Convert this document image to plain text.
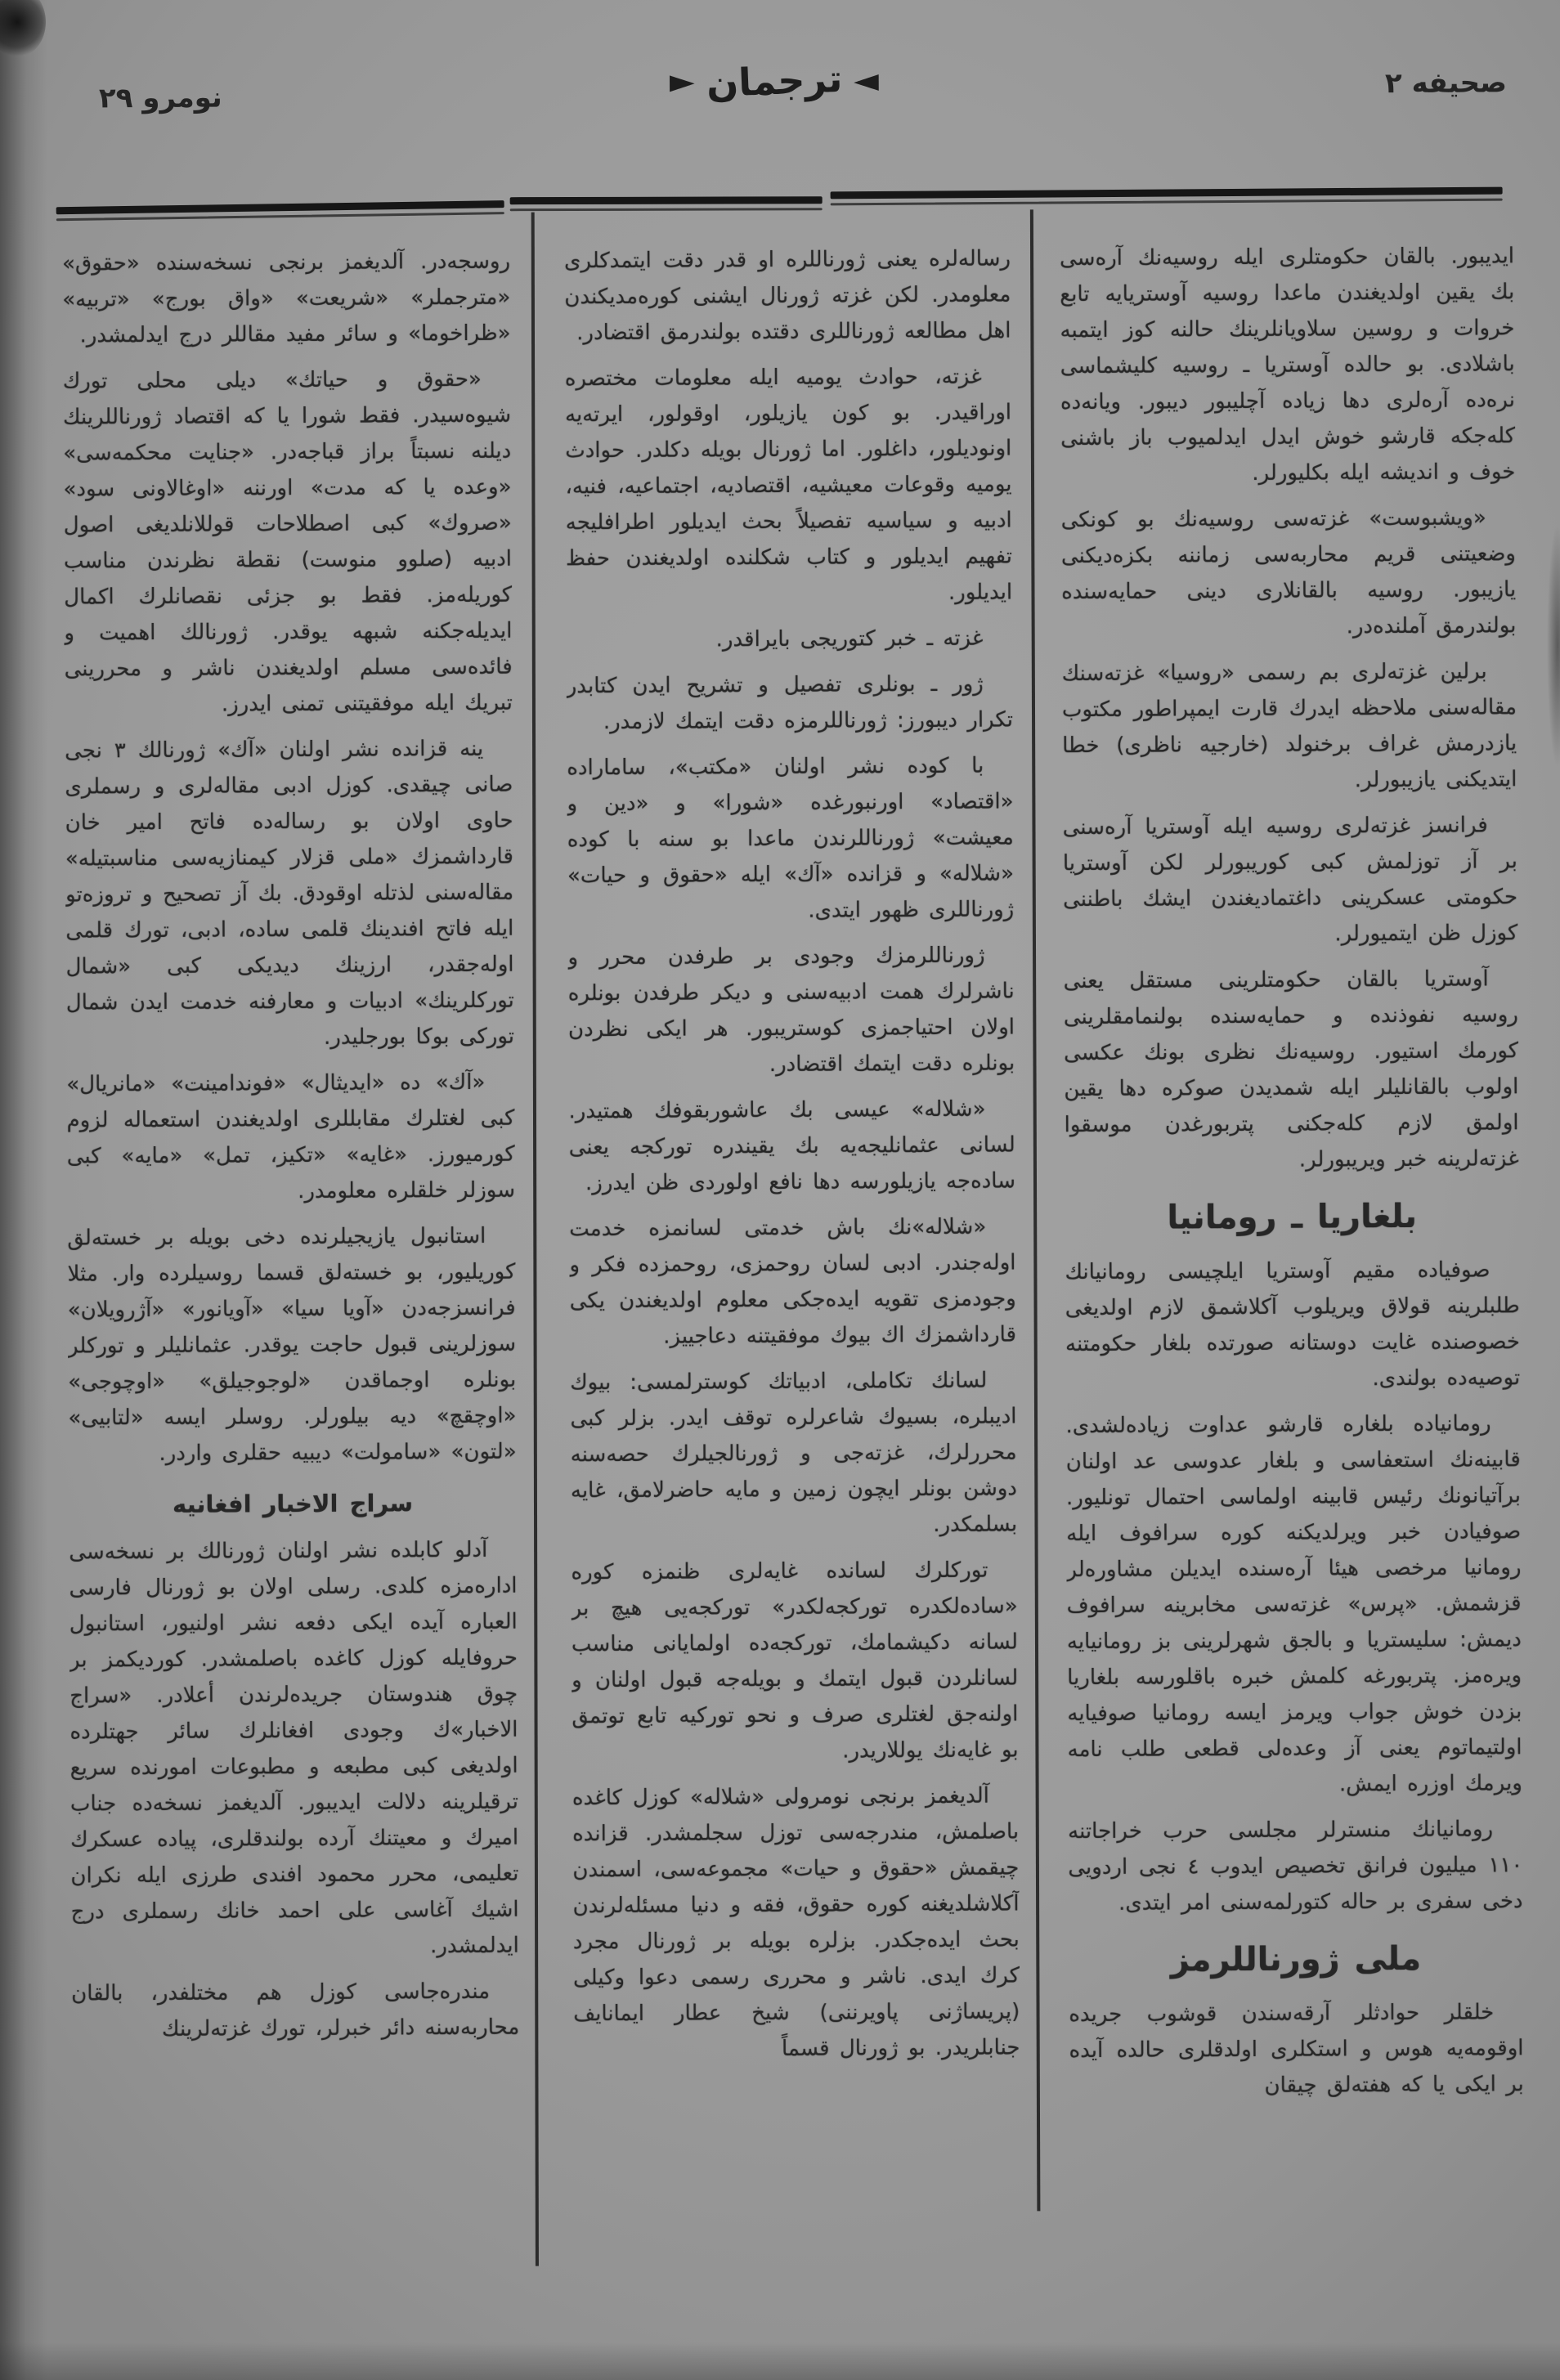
صحيفه ٢
► ترجمان ◄
نومرو ٢٩

ايديبور. بالقان حكومتلرى ايله روسيەنك آرەسى بك يقين اولديغندن ماعدا روسيه آوستريايه تابع خروات و روسين سلاويانلرينك حالنه كوز ايتمبه باشلادى. بو حالده آوستريا ـ روسيه كليشماسى نرەده آرەلرى دها زياده آچليبور ديبور. ويانەده كلەجكه قارشو خوش ايدل ايدلميوب باز باشنى خوف و انديشه ايله بكليورلر.

«ويشبوست» غزتەسى روسيەنك بو كونكى وضعيتنى قريم محاربەسى زماننه بكزەديكنى يازيبور. روسيه بالقانلارى دينى حمايەسنده بولندرمق آملندەدر.

برلين غزتەلرى بم رسمى «روسيا» غزتەسنك مقالەسنى ملاحظه ايدرك قارت ايمپراطور مكتوب يازدرمش غراف برخنولد (خارجيه ناظرى) خطا ايتديكنى يازيبورلر.

فرانسز غزتەلرى روسيه ايله آوستريا آرەسنى بر آز توزلمش كبى كوريبورلر لكن آوستريا حكومتى عسكرينى داغتماديغندن ايشك باطننى كوزل ظن ايتميورلر.

آوستريا بالقان حكومتلرينى مستقل يعنى روسيه نفوذنده و حمايەسنده بولنمامقلرينى كورمك استيور. روسيەنك نظرى بونك عكسى اولوب بالقانليلر ايله شمديدن صوكره دها يقين اولمق لازم كلەجكنى پتربورغدن موسقوا غزتەلرينه خبر ويريبورلر.

بلغاريا ـ رومانيا

صوفيادە مقيم آوستريا ايلچيسى رومانيانك طلبلرينه قولاق ويريلوب آكلاشمق لازم اولديغى خصوصنده غايت دوستانه صورتده بلغار حكومتنه توصيەده بولندى.

رومانيادە بلغاره قارشو عداوت زيادەلشدى. قابينەنك استعفاسى و بلغار عدوسى عد اولنان برآتيانونك رئيس قابينه اولماسى احتمال تونليور. صوفيادن خبر ويرلديكنه كوره سرافوف ايله رومانيا مرخصى هيئا آرەسنده ايديلن مشاورەلر قزشمش. «پرس» غزتەسى مخابرينه سرافوف ديمش: سليستريا و بالجق شهرلرينى بز رومانيايه ويرەمز. پتربورغه كلمش خبره باقلورسه بلغاريا بزدن خوش جواب ويرمز ايسه رومانيا صوفيايه اولتيماتوم يعنى آز وعدەلى قطعى طلب نامه ويرمك اوزره ايمش.

رومانيانك منسترلر مجلسى حرب خراجاتنه ١١٠ ميليون فرانق تخصيص ايدوب ٤ نجى اردويى دخى سفرى بر حاله كتورلمەسنى امر ايتدى.

ملى ژورناللرمز

خلقلر حوادثلر آرقەسندن قوشوب جريده اوقومەيه هوس و استكلرى اولدقلرى حالده آيده بر ايكى يا كه هفتەلق چيقان

رسالەلره يعنى ژورناللره او قدر دقت ايتمدكلرى معلومدر. لكن غزته ژورنال ايشنى كورەمديكندن اهل مطالعه ژورناللرى دقتده بولندرمق اقتضادر.

غزته، حوادث يوميه ايله معلومات مختصره اوراقيدر. بو كون يازيلور، اوقولور، ايرتەيه اونوديلور، داغلور. اما ژورنال بويله دكلدر. حوادث يوميه وقوعات معيشيه، اقتصاديه، اجتماعيه، فنيه، ادبيه و سياسيه تفصيلاً بحث ايديلور اطرافليجه تفهيم ايديلور و كتاب شكلنده اولديغندن حفظ ايديلور.

غزته ـ خبر كتوريجى بايراقدر.

ژور ـ بونلرى تفصيل و تشريح ايدن كتابدر تكرار ديبورز: ژورناللرمزه دقت ايتمك لازمدر.

با كوده نشر اولنان «مكتب»، ساماراده «اقتصاد» اورنبورغده «شورا» و «دين و معيشت» ژورناللرندن ماعدا بو سنه با كوده «شلاله» و قزانده «آك» ايله «حقوق و حيات» ژورناللرى ظهور ايتدى.

ژورناللرمزك وجودى بر طرفدن محرر و ناشرلرك همت ادبيەسنى و ديكر طرفدن بونلره اولان احتياجمزى كوستريبور. هر ايكى نظردن بونلره دقت ايتمك اقتضادر.

«شلاله» عيسى بك عاشوربقوفك همتيدر. لسانى عثمانليجەيه بك يقيندره توركجه يعنى سادەجه يازيلورسه دها نافع اولوردى ظن ايدرز.

«شلاله»نك باش خدمتى لسانمزه خدمت اولەجندر. ادبى لسان روحمزى، روحمزده فكر و وجودمزى تقويه ايدەجكى معلوم اولديغندن يكى قارداشمزك اك بيوك موفقيتنه دعاجييز.

لسانك تكاملى، ادبياتك كوسترلمسى: بيوك اديبلره، بسيوك شاعرلره توقف ايدر. بزلر كبى محررلرك، غزتەجى و ژورنالجيلرك حصەسنه دوشن بونلر ايچون زمين و مايه حاضرلامق، غايه بسلمكدر.

توركلرك لسانده غايەلرى ظنمزه كوره «سادەلكدره توركجەلكدر» توركجەيى هيچ بر لسانه دكيشمامك، توركجەده اولمايانى مناسب لسانلردن قبول ايتمك و بويلەجه قبول اولنان و اولنەجق لغتلرى صرف و نحو توركيه تابع توتمق بو غايەنك يوللاريدر.

آلديغمز برنجى نومرولى «شلاله» كوزل كاغده باصلمش، مندرجەسى توزل سجلمشدر. قزانده چيقمش «حقوق و حيات» مجموعەسى، اسمندن آكلاشلديغنه كوره حقوق، فقه و دنيا مسئلەلرندن بحث ايدەجكدر. بزلره بويله بر ژورنال مجرد كرك ايدى. ناشر و محررى رسمى دعوا وكيلى (پريساژنى پاويرننى) شيخ عطار ايمانايف جنابلريدر. بو ژورنال قسماً

روسجەدر. آلديغمز برنجى نسخەسنده «حقوق» «مترجملر» «شريعت» «واق بورج» «تربيه» «ظراخوما» و سائر مفيد مقاللر درج ايدلمشدر.

«حقوق و حياتك» ديلى محلى تورك شيوەسيدر. فقط شورا يا كه اقتصاد ژورناللرينك ديلنه نسبتاً براز قباجەدر. «جنايت محكمەسى» «وعده يا كه مدت» اورننه «اوغالاونى سود» «صروك» كبى اصطلاحات قوللانلديغى اصول ادبيه (صلوو منوست) نقطة نظرندن مناسب كوريلەمز. فقط بو جزئى نقصانلرك اكمال ايديلەجكنه شبهه يوقدر. ژورنالك اهميت و فائدەسى مسلم اولديغندن ناشر و محررينى تبريك ايله موفقيتنى تمنى ايدرز.

ينه قزانده نشر اولنان «آك» ژورنالك ٣ نجى صانى چيقدى. كوزل ادبى مقالەلرى و رسملرى حاوى اولان بو رسالەده فاتح امير خان قارداشمزك «ملى قزلار كيمنازيەسى مناسبتيله» مقالەسنى لذتله اوقودق. بك آز تصحيح و تروزەتو ايله فاتح افندينك قلمى ساده، ادبى، تورك قلمى اولەجقدر، ارزينك ديديكى كبى «شمال توركلرينك» ادبيات و معارفنه خدمت ايدن شمال توركى بوكا بورجليدر.

«آك» ده «ايديثال» «فوندامينت» «مانريال» كبى لغتلرك مقابللرى اولديغندن استعماله لزوم كورميورز. «غايه» «تكيز، تمل» «مايه» كبى سوزلر خلقلره معلومدر.

استانبول يازيجيلرنده دخى بويله بر خستەلق كوريليور، بو خستەلق قسما روسيلرده وار. مثلا فرانسزجەدن «آويا سيا» «آويانور» «آژرويلان» سوزلرينى قبول حاجت يوقدر. عثمانليلر و توركلر بونلره اوجماقدن «لوجوجيلق» «اوچوجى» «اوچقچ» ديه بيلورلر. روسلر ايسه «لتابيى» «لتون» «سامولت» ديبيه حقلرى واردر.

سراج الاخبار افغانيه

آدلو كابلده نشر اولنان ژورنالك بر نسخەسى ادارەمزه كلدى. رسلى اولان بو ژورنال فارسى العباره آيده ايكى دفعه نشر اولنيور، استانبول حروفايله كوزل كاغده باصلمشدر. كورديكمز بر چوق هندوستان جريدەلرندن أعلادر. «سراج الاخبار»ك وجودى افغانلرك سائر جهتلرده اولديغى كبى مطبعه و مطبوعات امورنده سريع ترقيلرينه دلالت ايديبور. آلديغمز نسخەده جناب اميرك و معيتنك آرده بولندقلرى، پياده عسكرك تعليمى، محرر محمود افندى طرزى ايله نكران اشيك آغاسى على احمد خانك رسملرى درج ايدلمشدر.

مندرەجاسى كوزل هم مختلفدر، بالقان محاربەسنه دائر خبرلر، تورك غزتەلرينك
